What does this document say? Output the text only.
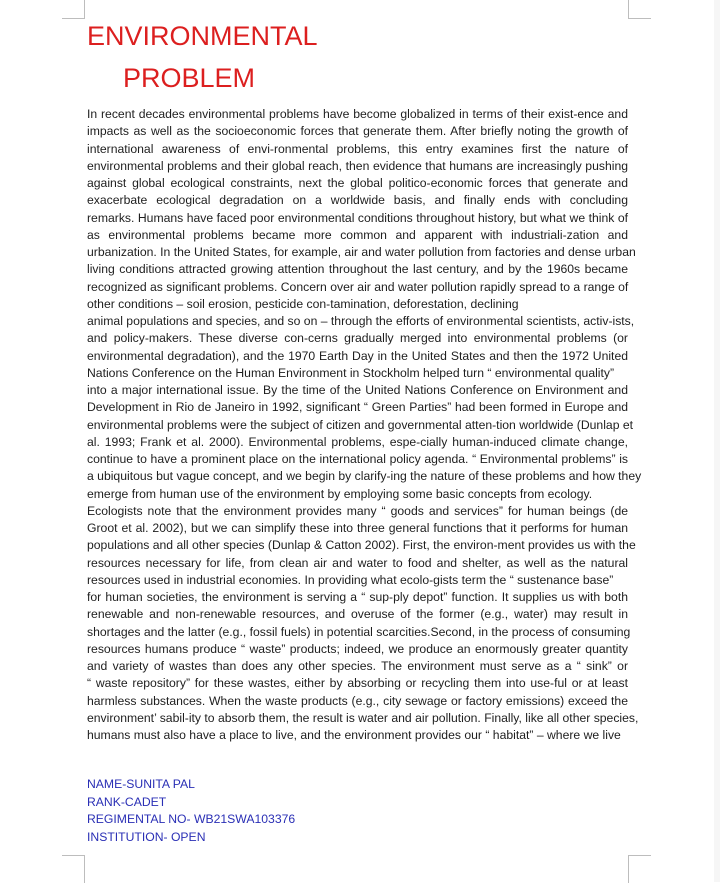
ENVIRONMENTAL
PROBLEM
In recent decades environmental problems have become globalized in terms of their exist-ence and
impacts as well as the socioeconomic forces that generate them. After briefly noting the growth of
international awareness of envi-ronmental problems, this entry examines first the nature of
environmental problems and their global reach, then evidence that humans are increasingly pushing
against global ecological constraints, next the global politico-economic forces that generate and
exacerbate ecological degradation on a worldwide basis, and finally ends with concluding
remarks. Humans have faced poor environmental conditions throughout history, but what we think of
as environmental problems became more common and apparent with industriali-zation and
urbanization. In the United States, for example, air and water pollution from factories and dense urban
living conditions attracted growing attention throughout the last century, and by the 1960s became
recognized as significant problems. Concern over air and water pollution rapidly spread to a range of
other conditions – soil erosion, pesticide con-tamination, deforestation, declining
animal populations and species, and so on – through the efforts of environmental scientists, activ-ists,
and policy-makers. These diverse con-cerns gradually merged into environmental problems (or
environmental degradation), and the 1970 Earth Day in the United States and then the 1972 United
Nations Conference on the Human Environment in Stockholm helped turn “ environmental quality”
into a major international issue. By the time of the United Nations Conference on Environment and
Development in Rio de Janeiro in 1992, significant “ Green Parties” had been formed in Europe and
environmental problems were the subject of citizen and governmental atten-tion worldwide (Dunlap et
al. 1993; Frank et al. 2000). Environmental problems, espe-cially human-induced climate change,
continue to have a prominent place on the international policy agenda. “ Environmental problems” is
a ubiquitous but vague concept, and we begin by clarify-ing the nature of these problems and how they
emerge from human use of the environment by employing some basic concepts from ecology.
Ecologists note that the environment provides many “ goods and services” for human beings (de
Groot et al. 2002), but we can simplify these into three general functions that it performs for human
populations and all other species (Dunlap & Catton 2002). First, the environ-ment provides us with the
resources necessary for life, from clean air and water to food and shelter, as well as the natural
resources used in industrial economies. In providing what ecolo-gists term the “ sustenance base”
for human societies, the environment is serving a “ sup-ply depot” function. It supplies us with both
renewable and non-renewable resources, and overuse of the former (e.g., water) may result in
shortages and the latter (e.g., fossil fuels) in potential scarcities.Second, in the process of consuming
resources humans produce “ waste” products; indeed, we produce an enormously greater quantity
and variety of wastes than does any other species. The environment must serve as a “ sink” or
“ waste repository” for these wastes, either by absorbing or recycling them into use-ful or at least
harmless substances. When the waste products (e.g., city sewage or factory emissions) exceed the
environment’ sabil-ity to absorb them, the result is water and air pollution. Finally, like all other species,
humans must also have a place to live, and the environment provides our “ habitat” – where we live
NAME-SUNITA PAL
RANK-CADET
REGIMENTAL NO- WB21SWA103376
INSTITUTION- OPEN
